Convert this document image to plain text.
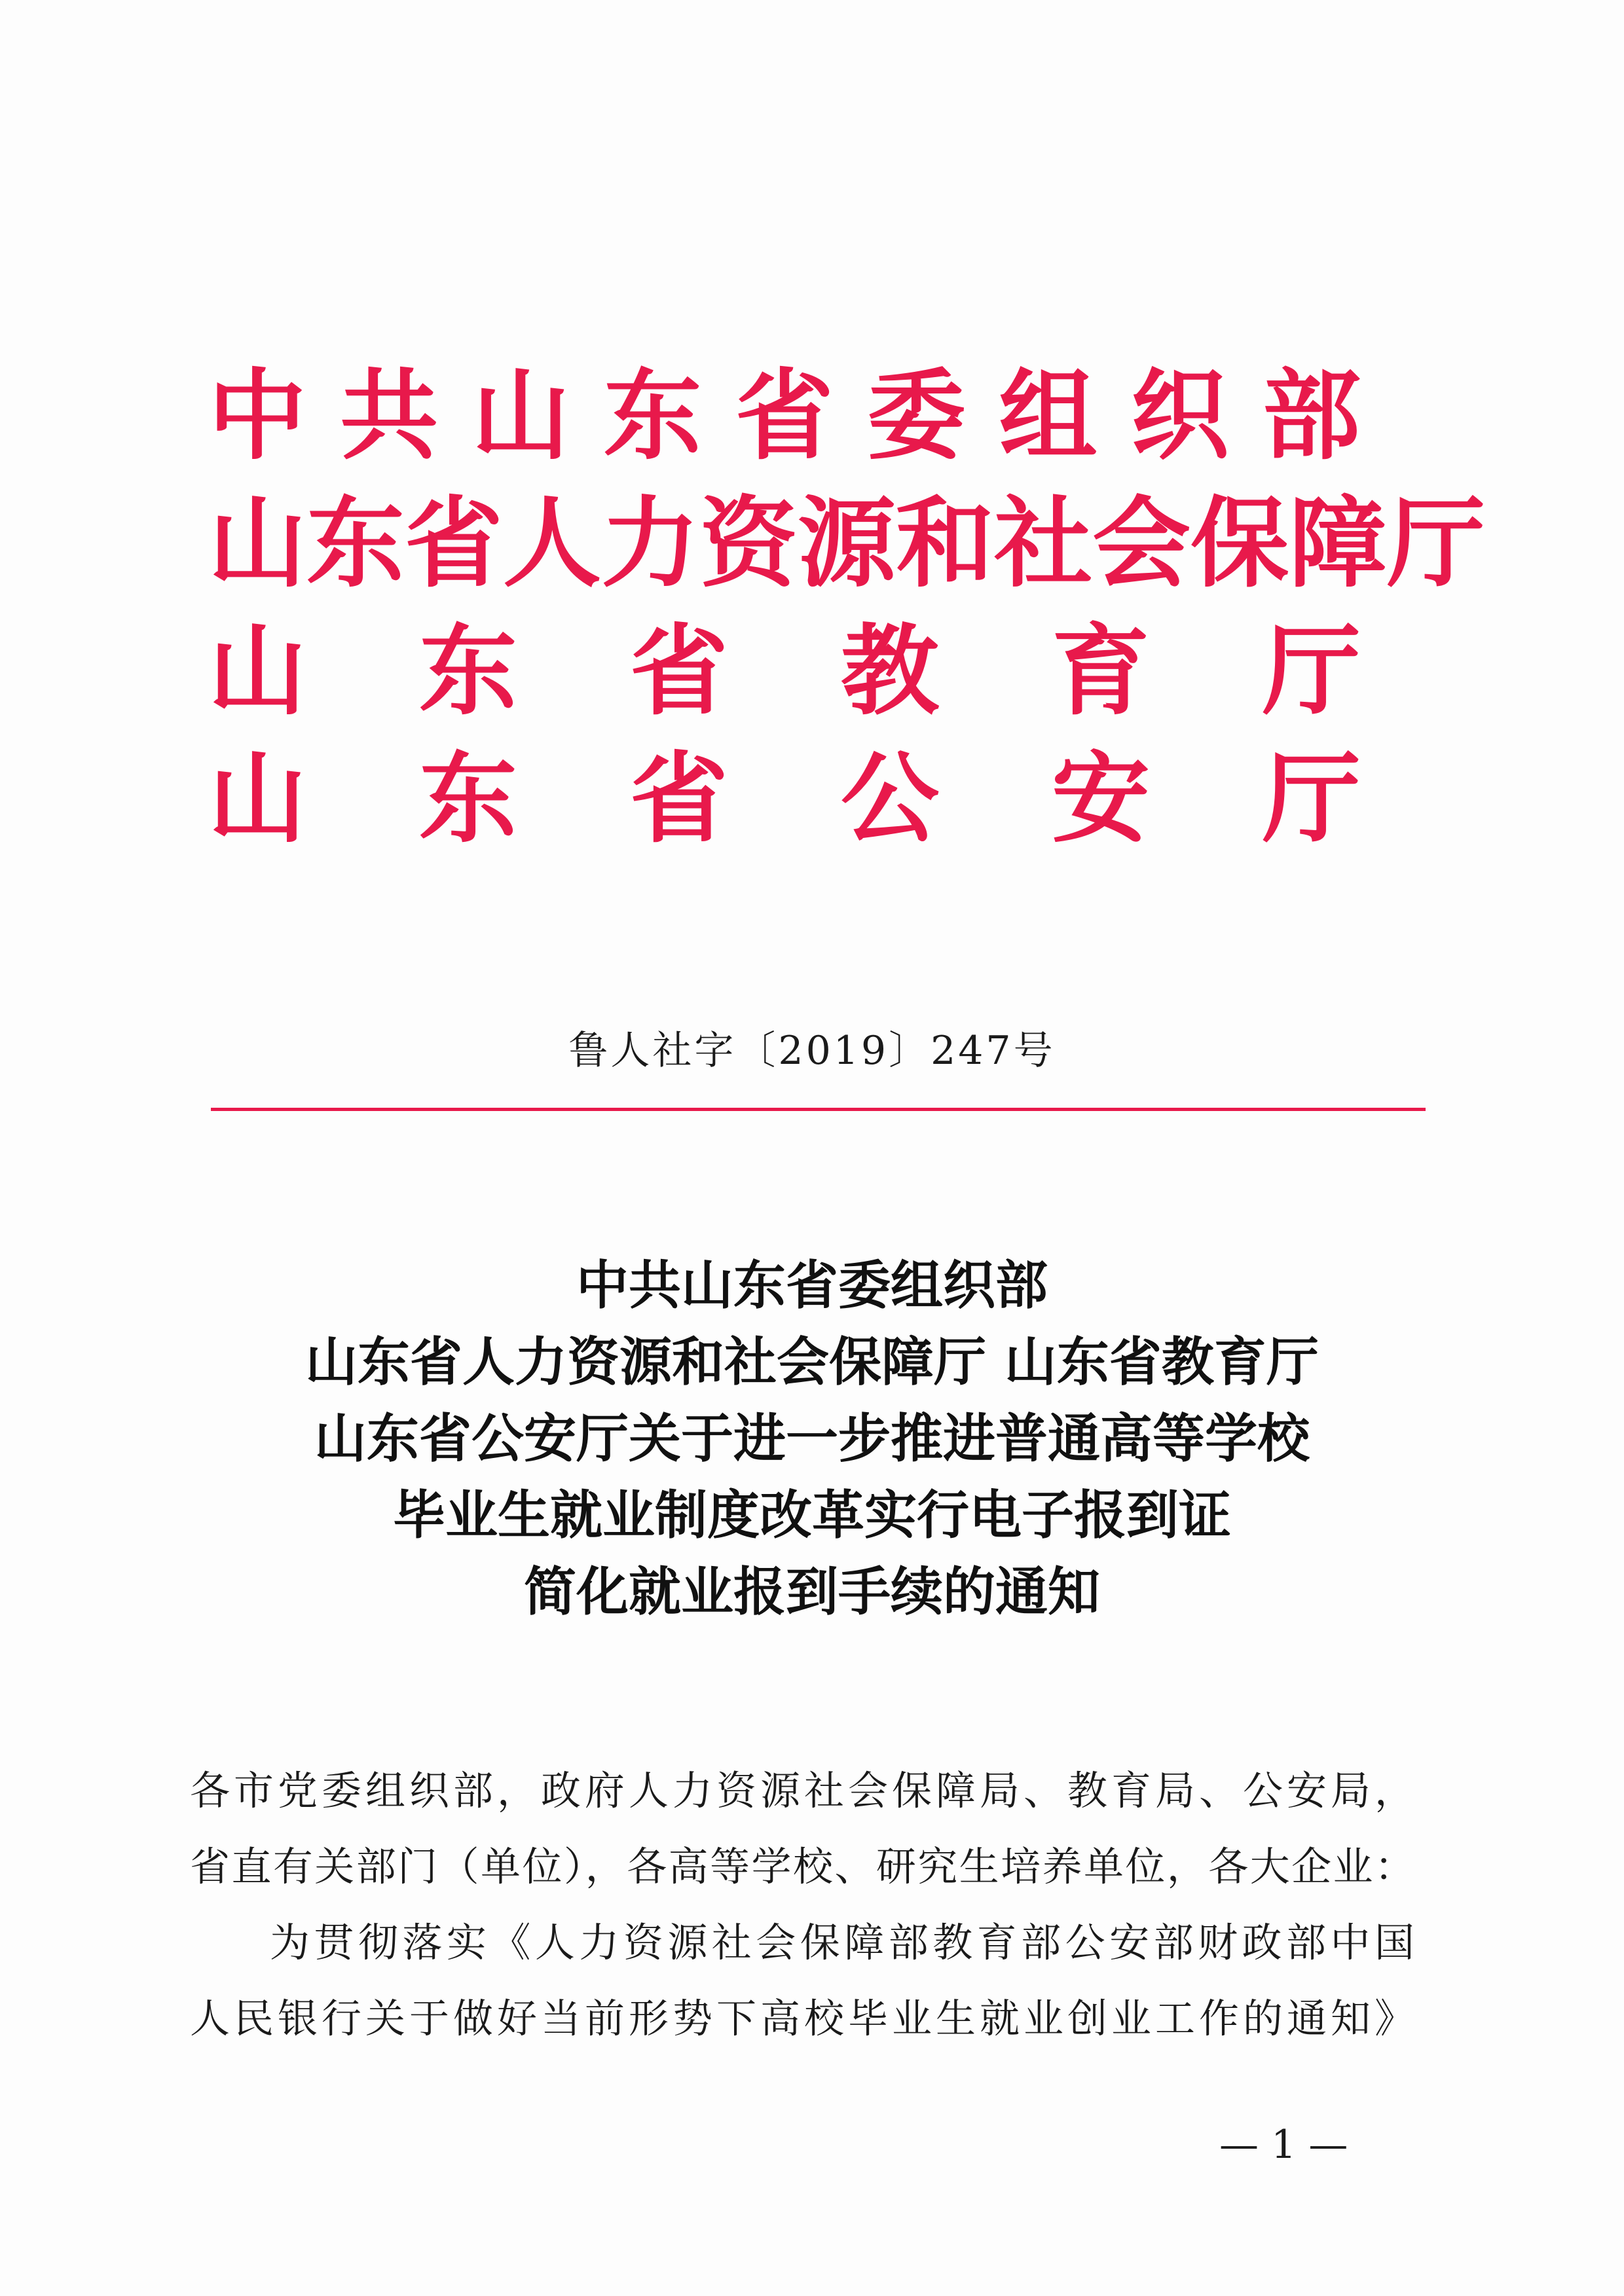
中 共 山 东 省 委 组 织 部
山 东 省 人 力 资 源 和 社 会 保 障 厅
山 东 省 教 育 厅
山 东 省 公 安 厅
鲁人社字〔2019〕247号
中共山东省委组织部
山东省人力资源和社会保障厅 山东省教育厅
山东省公安厅关于进一步推进普通高等学校
毕业生就业制度改革实行电子报到证
简化就业报到手续的通知
各市党委组织部，政府人力资源社会保障局、教育局、公安局，
省直有关部门（单位），各高等学校、研究生培养单位，各大企业：
为贯彻落实《人力资源社会保障部教育部公安部财政部中国
人民银行关于做好当前形势下高校毕业生就业创业工作的通知》
— 1 —
